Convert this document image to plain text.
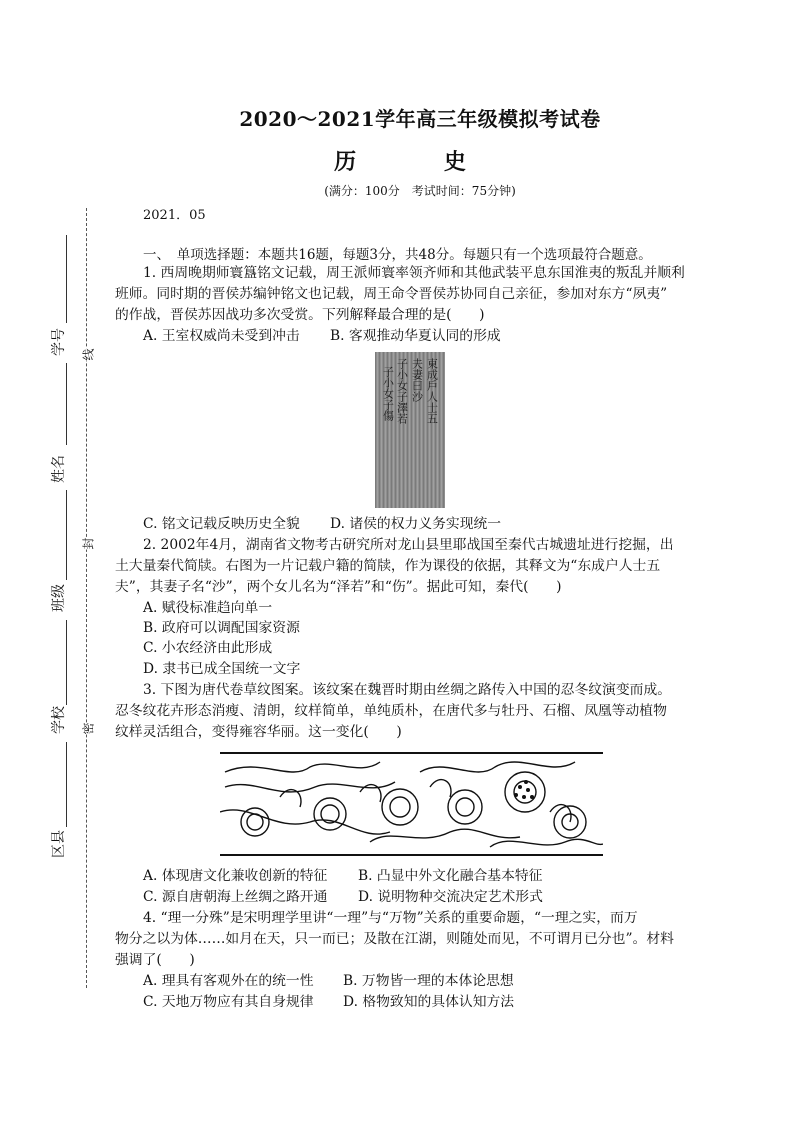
学号
姓名
班级
学校
区县
线
封
密
2020～2021学年高三年级模拟考试卷
历 史
(满分：100分　考试时间：75分钟)
2021．05
一、　单项选择题：本题共16题，每题3分，共48分。每题只有一个选项最符合题意。
1. 西周晚期师寰簋铭文记载，周王派师寰率领齐师和其他武装平息东国淮夷的叛乱并顺利
班师。同时期的晋侯苏编钟铭文也记载，周王命令晋侯苏协同自己亲征，参加对东方“夙夷”
的作战，晋侯苏因战功多次受赏。下列解释最合理的是(　　)
A. 王室权威尚未受到冲击 B. 客观推动华夏认同的形成
子小女子傷 子小女子澤若 夫妻曰沙 東成戶人士五
C. 铭文记载反映历史全貌 D. 诸侯的权力义务实现统一
2. 2002年4月，湖南省文物考古研究所对龙山县里耶战国至秦代古城遗址进行挖掘，出
土大量秦代简牍。右图为一片记载户籍的简牍，作为课役的依据，其释文为“东成户人士五
夫”，其妻子名“沙”，两个女儿名为“泽若”和“伤”。据此可知，秦代(　　)
A. 赋役标准趋向单一
B. 政府可以调配国家资源
C. 小农经济由此形成
D. 隶书已成全国统一文字
3. 下图为唐代卷草纹图案。该纹案在魏晋时期由丝绸之路传入中国的忍冬纹演变而成。
忍冬纹花卉形态消瘦、清朗，纹样简单，单纯质朴，在唐代多与牡丹、石榴、凤凰等动植物
纹样灵活组合，变得雍容华丽。这一变化(　　)
A. 体现唐文化兼收创新的特征 B. 凸显中外文化融合基本特征
C. 源自唐朝海上丝绸之路开通 D. 说明物种交流决定艺术形式
4. “理一分殊”是宋明理学里讲“一理”与“万物”关系的重要命题，“一理之实，而万
物分之以为体……如月在天，只一而已；及散在江湖，则随处而见，不可谓月已分也”。材料
强调了(　　)
A. 理具有客观外在的统一性 B. 万物皆一理的本体论思想
C. 天地万物应有其自身规律 D. 格物致知的具体认知方法
